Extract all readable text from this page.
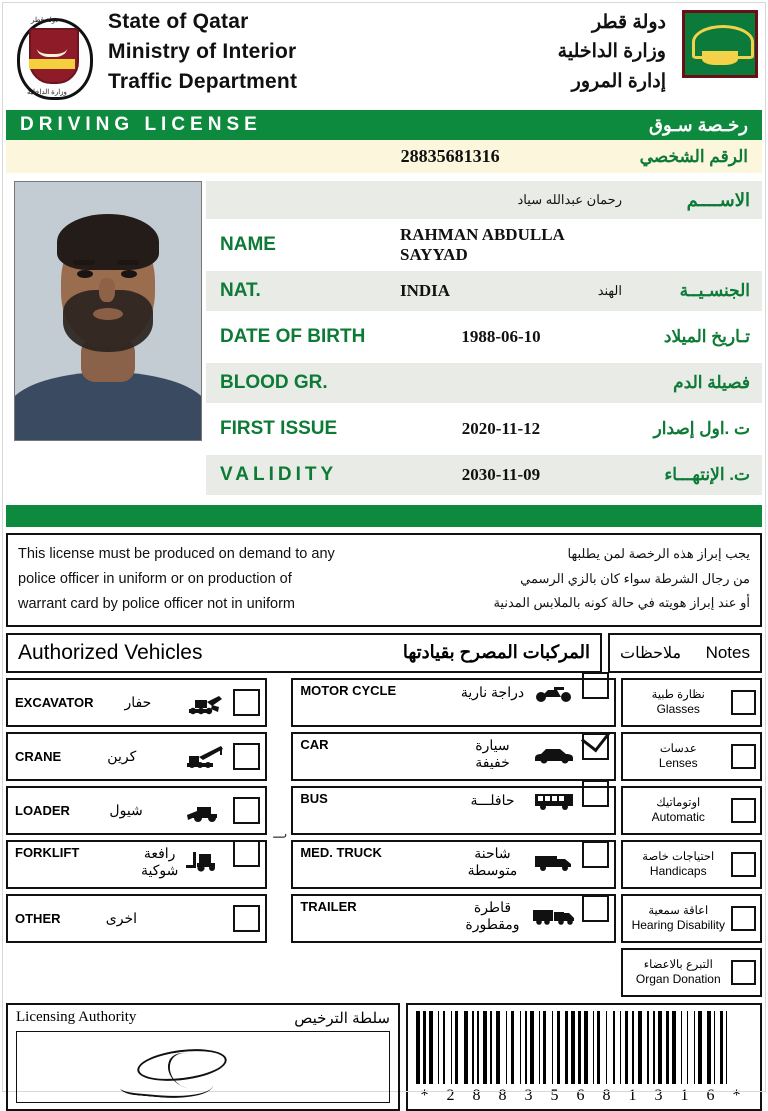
دولة قطر
وزارة الداخلية
State of Qatar
Ministry of Interior
Traffic Department
دولة قطر
وزارة الداخلية
إدارة المرور
DRIVING LICENSE	رخـصة سـوق
28835681316	الرقم الشخصي
رحمان عبدالله سياد	الاســــم
NAME	RAHMAN ABDULLA SAYYAD
NAT.	INDIA	الهند	الجنسـيــة
DATE OF BIRTH	1988-06-10	تـاريخ الميلاد
BLOOD GR.	فصيلة الدم
FIRST ISSUE	2020-11-12	ت .اول إصدار
VALIDITY	2030-11-09	ت. الإنتهـــاء
This license must be produced on demand to any
police officer in uniform or on production of
warrant card by police officer not in uniform
يجب إبراز هذه الرخصة لمن يطلبها
من رجال الشرطة سواء كان بالزي الرسمي
أو عند إبراز هويته في حالة كونه بالملابس المدنية
Authorized Vehicles	المركبات المصرح بقيادتها ملاحظات Notes
EXCAVATOR	حفار
CRANE	كرين
LOADER	شيول
FORKLIFT	رافعة شوكية
OTHER	اخرى
⎫
MOTOR CYCLE	دراجة نارية
CAR	سيارة خفيفة
BUS	حافلـــة
MED. TRUCK	شاحنة متوسطة
TRAILER	قاطرة ومقطورة
نظارة طبية
Glasses
عدسات
Lenses
اوتوماتيك
Automatic
احتياجات خاصة
Handicaps
اعاقة سمعية
Hearing Disability
التبرع بالاعضاء
Organ Donation
Licensing Authority	سلطة الترخيص
* 2 8 8 3 5 6 8 1 3 1 6 *
